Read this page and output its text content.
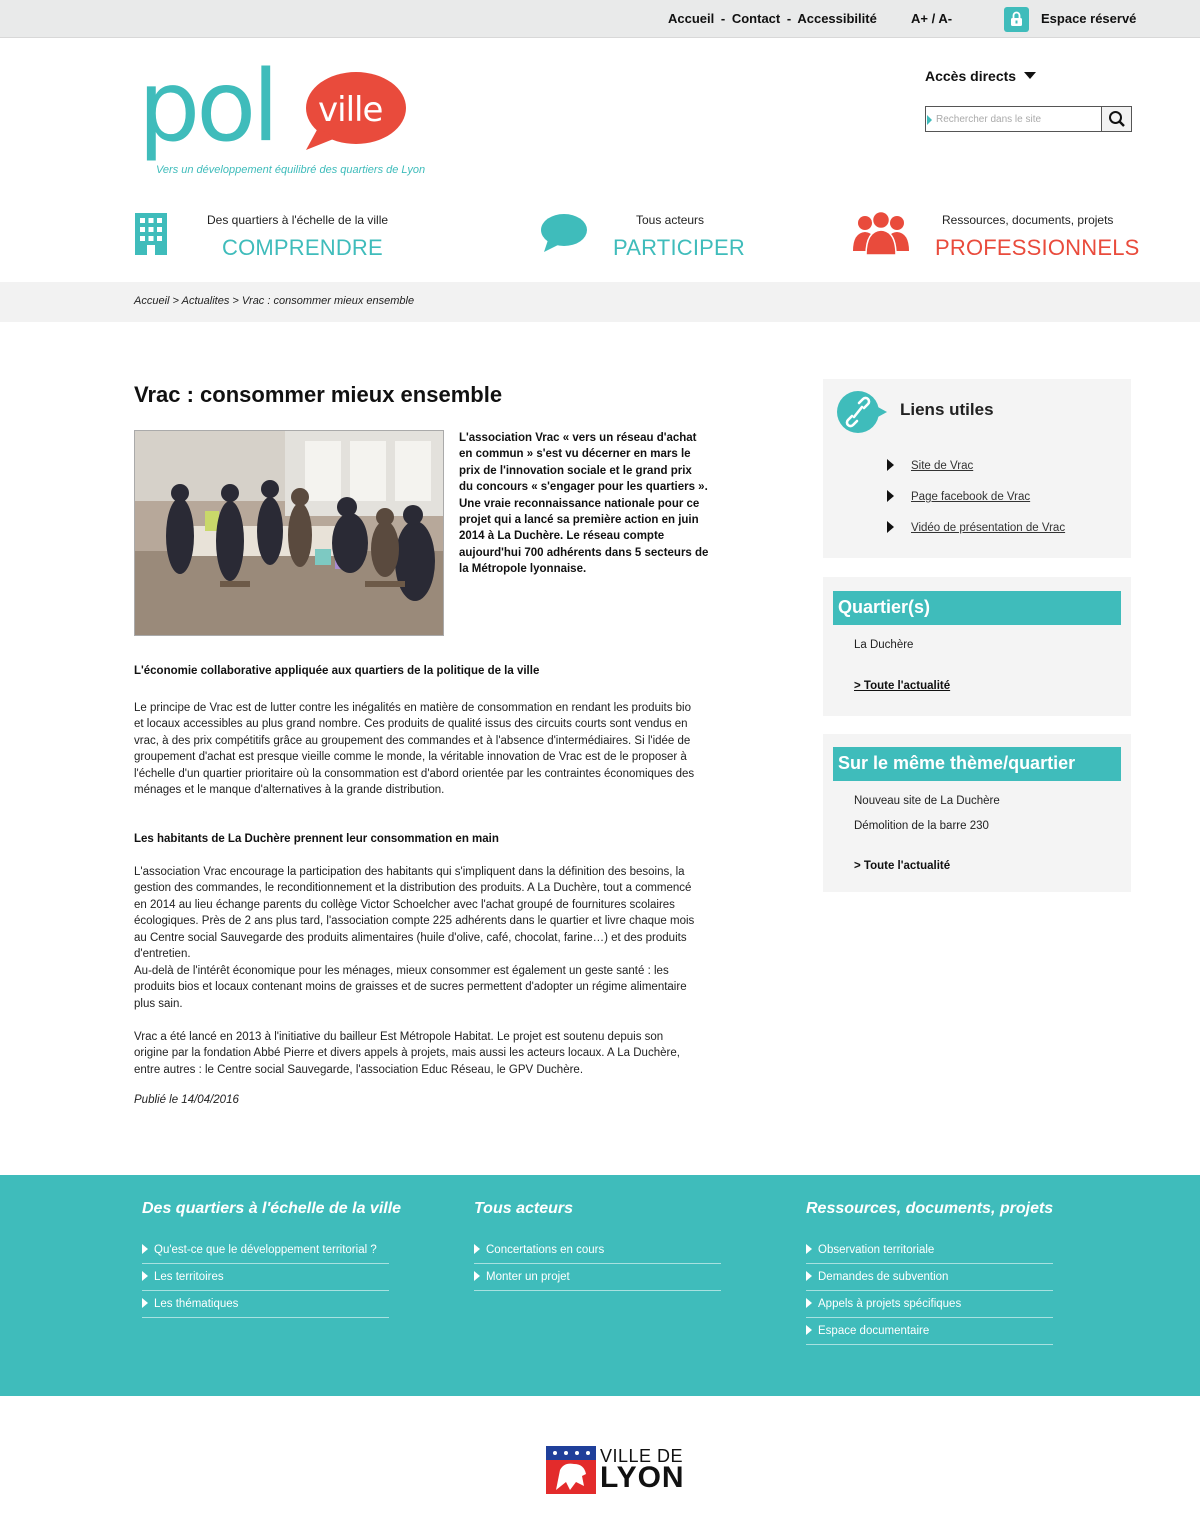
Accueil - Contact - Accessibilité	A+ / A-	Espace réservé
pol ville
Vers un développement équilibré des quartiers de Lyon
Accès directs
Rechercher dans le site
Des quartiers à l'échelle de la ville
COMPRENDRE
Tous acteurs
PARTICIPER
Ressources, documents, projets
PROFESSIONNELS
Accueil > Actualites > Vrac : consommer mieux ensemble
Vrac : consommer mieux ensemble

L'association Vrac « vers un réseau d'achat en commun » s'est vu décerner en mars le prix de l'innovation sociale et le grand prix du concours « s'engager pour les quartiers ». Une vraie reconnaissance nationale pour ce projet qui a lancé sa première action en juin 2014 à La Duchère. Le réseau compte aujourd'hui 700 adhérents dans 5 secteurs de la Métropole lyonnaise.

L'économie collaborative appliquée aux quartiers de la politique de la ville

Le principe de Vrac est de lutter contre les inégalités en matière de consommation en rendant les produits bio et locaux accessibles au plus grand nombre. Ces produits de qualité issus des circuits courts sont vendus en vrac, à des prix compétitifs grâce au groupement des commandes et à l'absence d'intermédiaires. Si l'idée de groupement d'achat est presque vieille comme le monde, la véritable innovation de Vrac est de le proposer à l'échelle d'un quartier prioritaire où la consommation est d'abord orientée par les contraintes économiques des ménages et le manque d'alternatives à la grande distribution.

Les habitants de La Duchère prennent leur consommation en main

L'association Vrac encourage la participation des habitants qui s'impliquent dans la définition des besoins, la gestion des commandes, le reconditionnement et la distribution des produits. A La Duchère, tout a commencé en 2014 au lieu échange parents du collège Victor Schoelcher avec l'achat groupé de fournitures scolaires écologiques. Près de 2 ans plus tard, l'association compte 225 adhérents dans le quartier et livre chaque mois au Centre social Sauvegarde des produits alimentaires (huile d'olive, café, chocolat, farine…) et des produits d'entretien.

Au-delà de l'intérêt économique pour les ménages, mieux consommer est également un geste santé : les produits bios et locaux contenant moins de graisses et de sucres permettent d'adopter un régime alimentaire plus sain.

Vrac a été lancé en 2013 à l'initiative du bailleur Est Métropole Habitat. Le projet est soutenu depuis son origine par la fondation Abbé Pierre et divers appels à projets, mais aussi les acteurs locaux. A La Duchère, entre autres : le Centre social Sauvegarde, l'association Educ Réseau, le GPV Duchère.

Publié le 14/04/2016

Liens utiles
Site de Vrac
Page facebook de Vrac
Vidéo de présentation de Vrac
Quartier(s)
La Duchère
> Toute l'actualité
Sur le même thème/quartier
Nouveau site de La Duchère
Démolition de la barre 230
> Toute l'actualité
Des quartiers à l'échelle de la ville
Qu'est-ce que le développement territorial ?
Les territoires
Les thématiques
Tous acteurs
Concertations en cours
Monter un projet
Ressources, documents, projets
Observation territoriale
Demandes de subvention
Appels à projets spécifiques
Espace documentaire
VILLE DE
LYON
